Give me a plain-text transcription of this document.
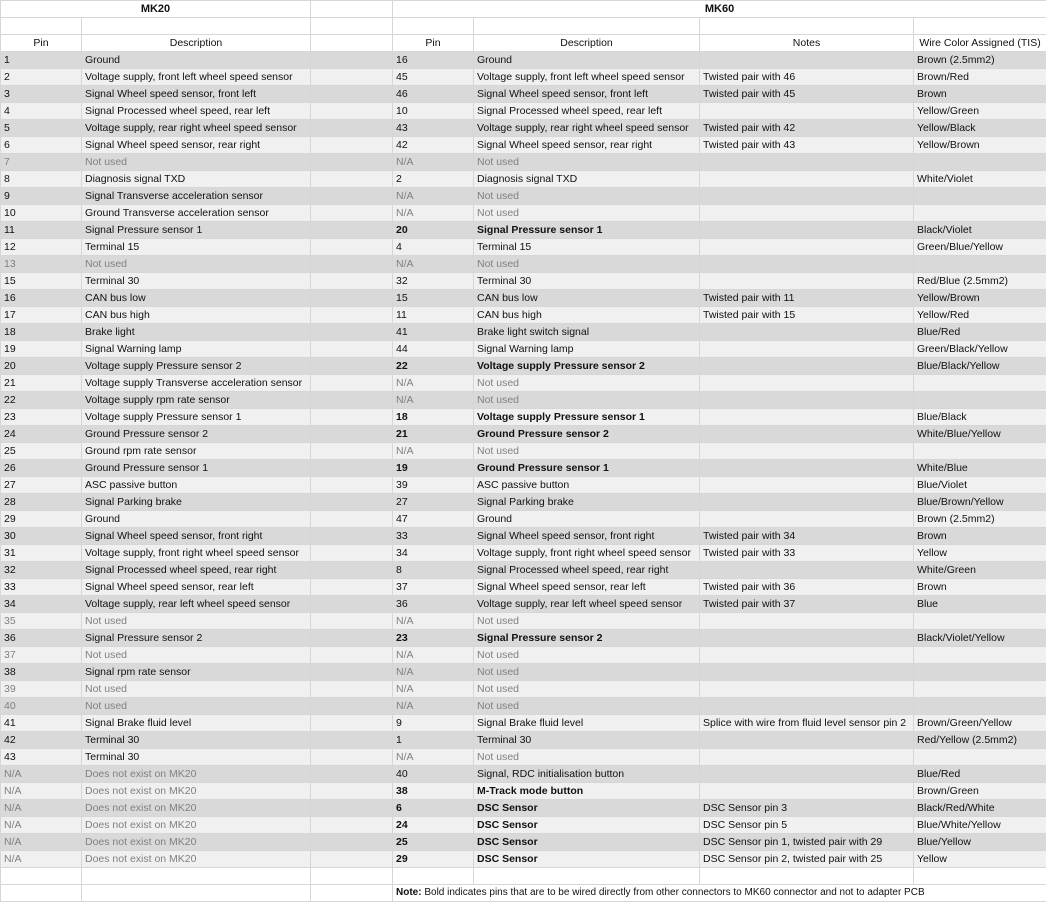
MK20			MK60			

Pin	Description		Pin	Description	Notes	Wire Color Assigned (TIS)
1	Ground		16	Ground		Brown (2.5mm2)
2	Voltage supply, front left wheel speed sensor		45	Voltage supply, front left wheel speed sensor	Twisted pair with 46	Brown/Red
3	Signal Wheel speed sensor, front left		46	Signal Wheel speed sensor, front left	Twisted pair with 45	Brown
4	Signal Processed wheel speed, rear left		10	Signal Processed wheel speed, rear left		Yellow/Green
5	Voltage supply, rear right wheel speed sensor		43	Voltage supply, rear right wheel speed sensor	Twisted pair with 42	Yellow/Black
6	Signal Wheel speed sensor, rear right		42	Signal Wheel speed sensor, rear right	Twisted pair with 43	Yellow/Brown
7	Not used		N/A	Not used		
8	Diagnosis signal TXD		2	Diagnosis signal TXD		White/Violet
9	Signal Transverse acceleration sensor		N/A	Not used		
10	Ground Transverse acceleration sensor		N/A	Not used		
11	Signal Pressure sensor 1		20	Signal Pressure sensor 1		Black/Violet
12	Terminal 15		4	Terminal 15		Green/Blue/Yellow
13	Not used		N/A	Not used		
15	Terminal 30		32	Terminal 30		Red/Blue (2.5mm2)
16	CAN bus low		15	CAN bus low	Twisted pair with 11	Yellow/Brown
17	CAN bus high		11	CAN bus high	Twisted pair with 15	Yellow/Red
18	Brake light		41	Brake light switch signal		Blue/Red
19	Signal Warning lamp		44	Signal Warning lamp		Green/Black/Yellow
20	Voltage supply Pressure sensor 2		22	Voltage supply Pressure sensor 2		Blue/Black/Yellow
21	Voltage supply Transverse acceleration sensor		N/A	Not used		
22	Voltage supply rpm rate sensor		N/A	Not used		
23	Voltage supply Pressure sensor 1		18	Voltage supply Pressure sensor 1		Blue/Black
24	Ground Pressure sensor 2		21	Ground Pressure sensor 2		White/Blue/Yellow
25	Ground rpm rate sensor		N/A	Not used		
26	Ground Pressure sensor 1		19	Ground Pressure sensor 1		White/Blue
27	ASC passive button		39	ASC passive button		Blue/Violet
28	Signal Parking brake		27	Signal Parking brake		Blue/Brown/Yellow
29	Ground		47	Ground		Brown (2.5mm2)
30	Signal Wheel speed sensor, front right		33	Signal Wheel speed sensor, front right	Twisted pair with 34	Brown
31	Voltage supply, front right wheel speed sensor		34	Voltage supply, front right wheel speed sensor	Twisted pair with 33	Yellow
32	Signal Processed wheel speed, rear right		8	Signal Processed wheel speed, rear right		White/Green
33	Signal Wheel speed sensor, rear left		37	Signal Wheel speed sensor, rear left	Twisted pair with 36	Brown
34	Voltage supply, rear left wheel speed sensor		36	Voltage supply, rear left wheel speed sensor	Twisted pair with 37	Blue
35	Not used		N/A	Not used		
36	Signal Pressure sensor 2		23	Signal Pressure sensor 2		Black/Violet/Yellow
37	Not used		N/A	Not used		
38	Signal rpm rate sensor		N/A	Not used		
39	Not used		N/A	Not used		
40	Not used		N/A	Not used		
41	Signal Brake fluid level		9	Signal Brake fluid level	Splice with wire from fluid level sensor pin 2	Brown/Green/Yellow
42	Terminal 30		1	Terminal 30		Red/Yellow (2.5mm2)
43	Terminal 30		N/A	Not used		
N/A	Does not exist on MK20		40	Signal, RDC initialisation button		Blue/Red
N/A	Does not exist on MK20		38	M-Track mode button		Brown/Green
N/A	Does not exist on MK20		6	DSC Sensor	DSC Sensor pin 3	Black/Red/White
N/A	Does not exist on MK20		24	DSC Sensor	DSC Sensor pin 5	Blue/White/Yellow
N/A	Does not exist on MK20		25	DSC Sensor	DSC Sensor pin 1, twisted pair with 29	Blue/Yellow
N/A	Does not exist on MK20		29	DSC Sensor	DSC Sensor pin 2, twisted pair with 25	Yellow

			Note: Bold indicates pins that are to be wired directly from other connectors to MK60 connector and not to adapter PCB			
